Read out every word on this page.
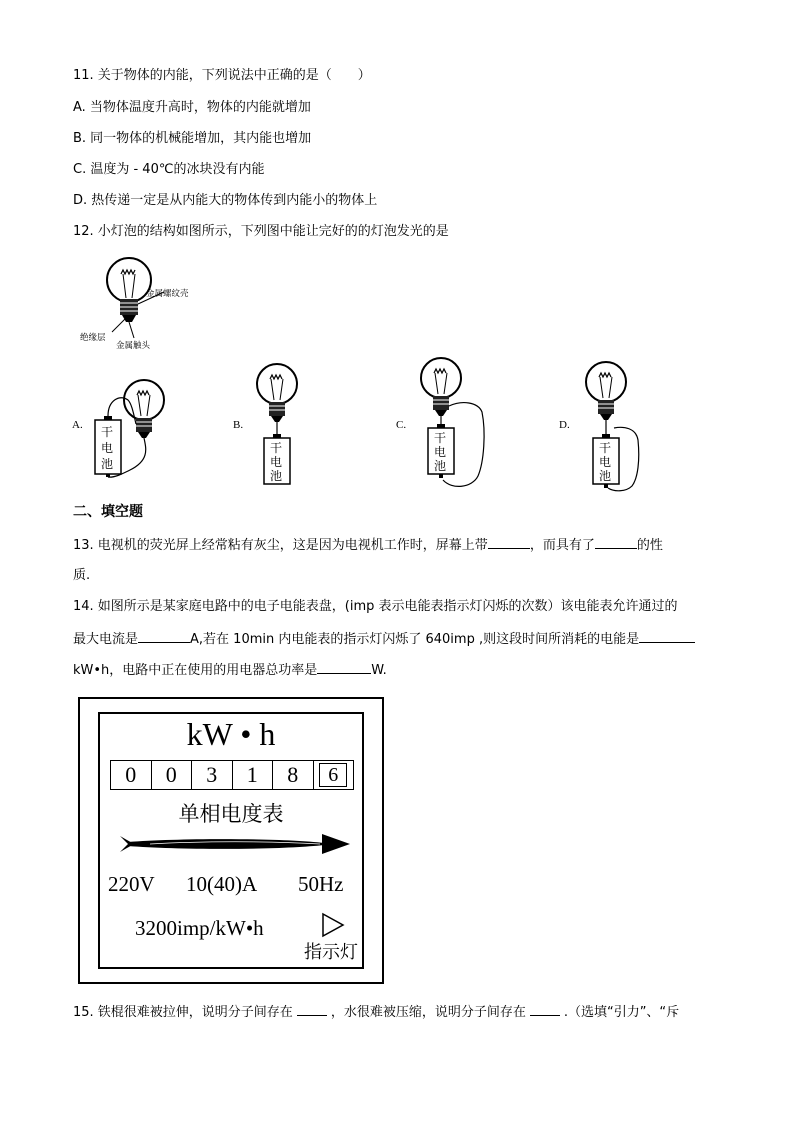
11. 关于物体的内能，下列说法中正确的是（　　）
A. 当物体温度升高时，物体的内能就增加
B. 同一物体的机械能增加，其内能也增加
C. 温度为 - 40℃的冰块没有内能
D. 热传递一定是从内能大的物体传到内能小的物体上
12. 小灯泡的结构如图所示，下列图中能让完好的的灯泡发光的是
金属螺纹壳
绝缘层
金属触头
A. 干
电
池
B.
干
电
池
C.
干
电
池
D.
干
电
池
二、填空题
13. 电视机的荧光屏上经常粘有灰尘，这是因为电视机工作时，屏幕上带	，而具有了	的性
质.
14. 如图所示是某家庭电路中的电子电能表盘，(imp 表示电能表指示灯闪烁的次数）该电能表允许通过的
最大电流是	A,若在 10min 内电能表的指示灯闪烁了 640imp ,则这段时间所消耗的电能是
kW•h，电路中正在使用的用电器总功率是	W.
kW • h
0	0	3	1	8	6
单相电度表
220V 10(40)A 50Hz
3200imp/kW•h
指示灯
15. 铁棍很难被拉伸，说明分子间存在	，水很难被压缩，说明分子间存在	.（选填“引力”、“斥
